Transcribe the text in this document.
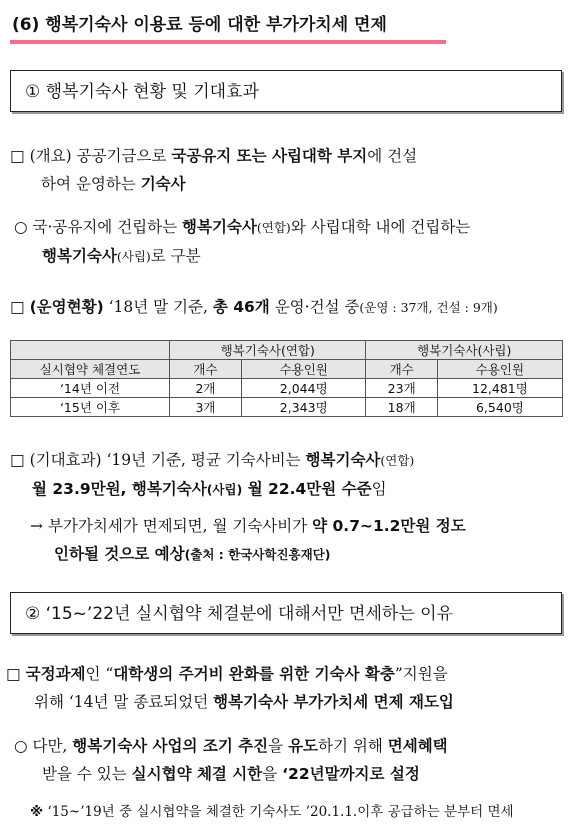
(6) 행복기숙사 이용료 등에 대한 부가가치세 면제
① 행복기숙사 현황 및 기대효과
□ (개요) 공공기금으로 국공유지 또는 사립대학 부지에 건설
하여 운영하는 기숙사
○ 국·공유지에 건립하는 행복기숙사(연합)와 사립대학 내에 건립하는
행복기숙사(사립)로 구분
□ (운영현황) ‘18년 말 기준, 총 46개 운영·건설 중(운영 : 37개, 건설 : 9개)
	행복기숙사(연합)		행복기숙사(사립)	
실시협약 체결연도	개수	수용인원	개수	수용인원
‘14년 이전	2개	2,044명	23개	12,481명
‘15년 이후	3개	2,343명	18개	6,540명
□ (기대효과) ‘19년 기준, 평균 기숙사비는 행복기숙사(연합)
월 23.9만원, 행복기숙사(사립) 월 22.4만원 수준임
→ 부가가치세가 면제되면, 월 기숙사비가 약 0.7~1.2만원 정도
인하될 것으로 예상(출처 : 한국사학진흥재단)
② ‘15~’22년 실시협약 체결분에 대해서만 면세하는 이유
□ 국정과제인 “대학생의 주거비 완화를 위한 기숙사 확충”지원을
위해 ‘14년 말 종료되었던 행복기숙사 부가가치세 면제 재도입
○ 다만, 행복기숙사 사업의 조기 추진을 유도하기 위해 면세혜택
받을 수 있는 실시협약 체결 시한을 ‘22년말까지로 설정
※ ‘15~’19년 중 실시협약을 체결한 기숙사도 ’20.1.1.이후 공급하는 분부터 면세
